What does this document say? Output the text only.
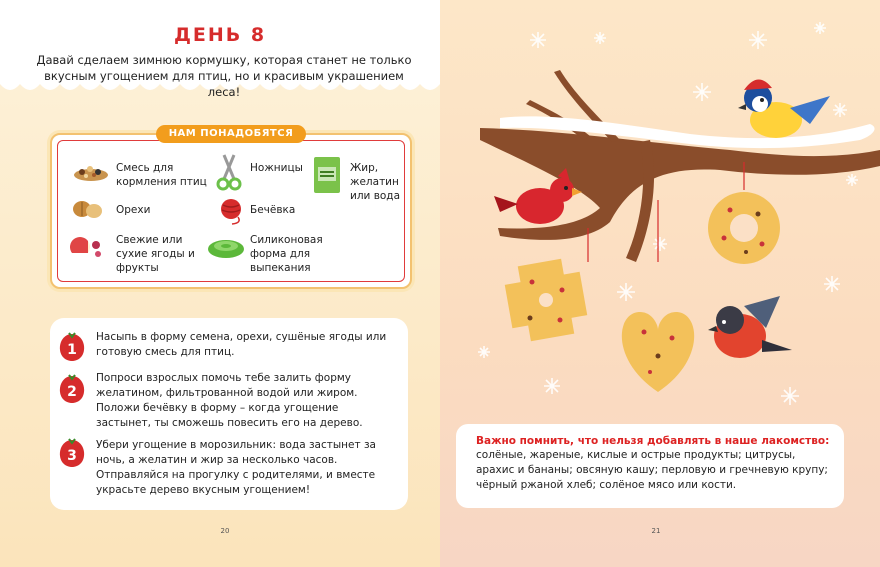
ДЕНЬ 8
Давай сделаем зимнюю кормушку, которая станет не только вкусным угощением для птиц, но и красивым украшением леса!
НАМ ПОНАДОБЯТСЯ
Смесь для кормления птиц
Ножницы	Жир, желатин или вода
Орехи	Бечёвка
Свежие или сухие ягоды и фрукты
Силиконовая форма для выпекания
1
Насыпь в форму семена, орехи, сушёные ягоды или готовую смесь для птиц.
2
Попроси взрослых помочь тебе залить форму желатином, фильтрованной водой или жиром. Положи бечёвку в форму – когда угощение застынет, ты сможешь повесить его на дерево.
3
Убери угощение в морозильник: вода застынет за ночь, а желатин и жир за несколько часов. Отправляйся на прогулку с родителями, и вместе украсьте дерево вкусным угощением!
20	21
Важно помнить, что нельзя добавлять в наше лакомство:
солёные, жареные, кислые и острые продукты; цитрусы, арахис и бананы; овсяную кашу; перловую и гречневую крупу; чёрный ржаной хлеб; солёное мясо или кости.
